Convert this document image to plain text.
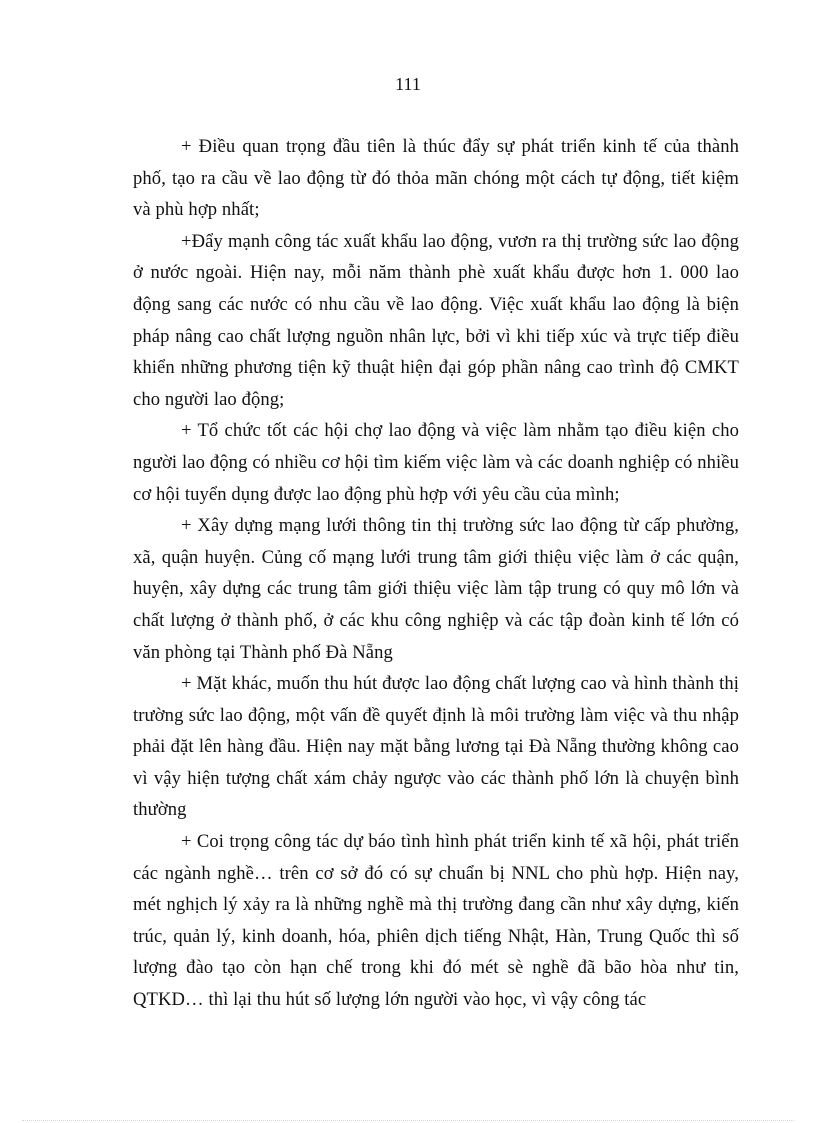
111

+ Điều quan trọng đầu tiên là thúc đẩy sự phát triển kinh tế của thành phố, tạo ra cầu về lao động từ đó thỏa mãn chóng một cách tự động, tiết kiệm và phù hợp nhất;

+Đẩy mạnh công tác xuất khẩu lao động, vươn ra thị trường sức lao động ở nước ngoài. Hiện nay, mỗi năm thành phè xuất khẩu được hơn 1. 000 lao động sang các nước có nhu cầu về lao động. Việc xuất khẩu lao động là biện pháp nâng cao chất lượng nguồn nhân lực, bởi vì khi tiếp xúc và trực tiếp điều khiển những phương tiện kỹ thuật hiện đại góp phần nâng cao trình độ CMKT cho người lao động;

+ Tổ chức tốt các hội chợ lao động và việc làm nhằm tạo điều kiện cho người lao động có nhiều cơ hội tìm kiếm việc làm và các doanh nghiệp có nhiều cơ hội tuyển dụng được lao động phù hợp với yêu cầu của mình;

+ Xây dựng mạng lưới thông tin thị trường sức lao động từ cấp phường, xã, quận huyện. Củng cố mạng lưới trung tâm giới thiệu việc làm ở các quận, huyện, xây dựng các trung tâm giới thiệu việc làm tập trung có quy mô lớn và chất lượng ở thành phố, ở các khu công nghiệp và các tập đoàn kinh tế lớn có văn phòng tại Thành phố Đà Nẵng

+ Mặt khác, muốn thu hút được lao động chất lượng cao và hình thành thị trường sức lao động, một vấn đề quyết định là môi trường làm việc và thu nhập phải đặt lên hàng đầu. Hiện nay mặt bằng lương tại Đà Nẵng thường không cao vì vậy hiện tượng chất xám chảy ngược vào các thành phố lớn là chuyện bình thường

+ Coi trọng công tác dự báo tình hình phát triển kinh tế xã hội, phát triển các ngành nghề… trên cơ sở đó có sự chuẩn bị NNL cho phù hợp. Hiện nay, mét nghịch lý xảy ra là những nghề mà thị trường đang cần như xây dựng, kiến trúc, quản lý, kinh doanh, hóa, phiên dịch tiếng Nhật, Hàn, Trung Quốc thì số lượng đào tạo còn hạn chế trong khi đó mét sè nghề đã bão hòa như tin, QTKD… thì lại thu hút số lượng lớn người vào học, vì vậy công tác
